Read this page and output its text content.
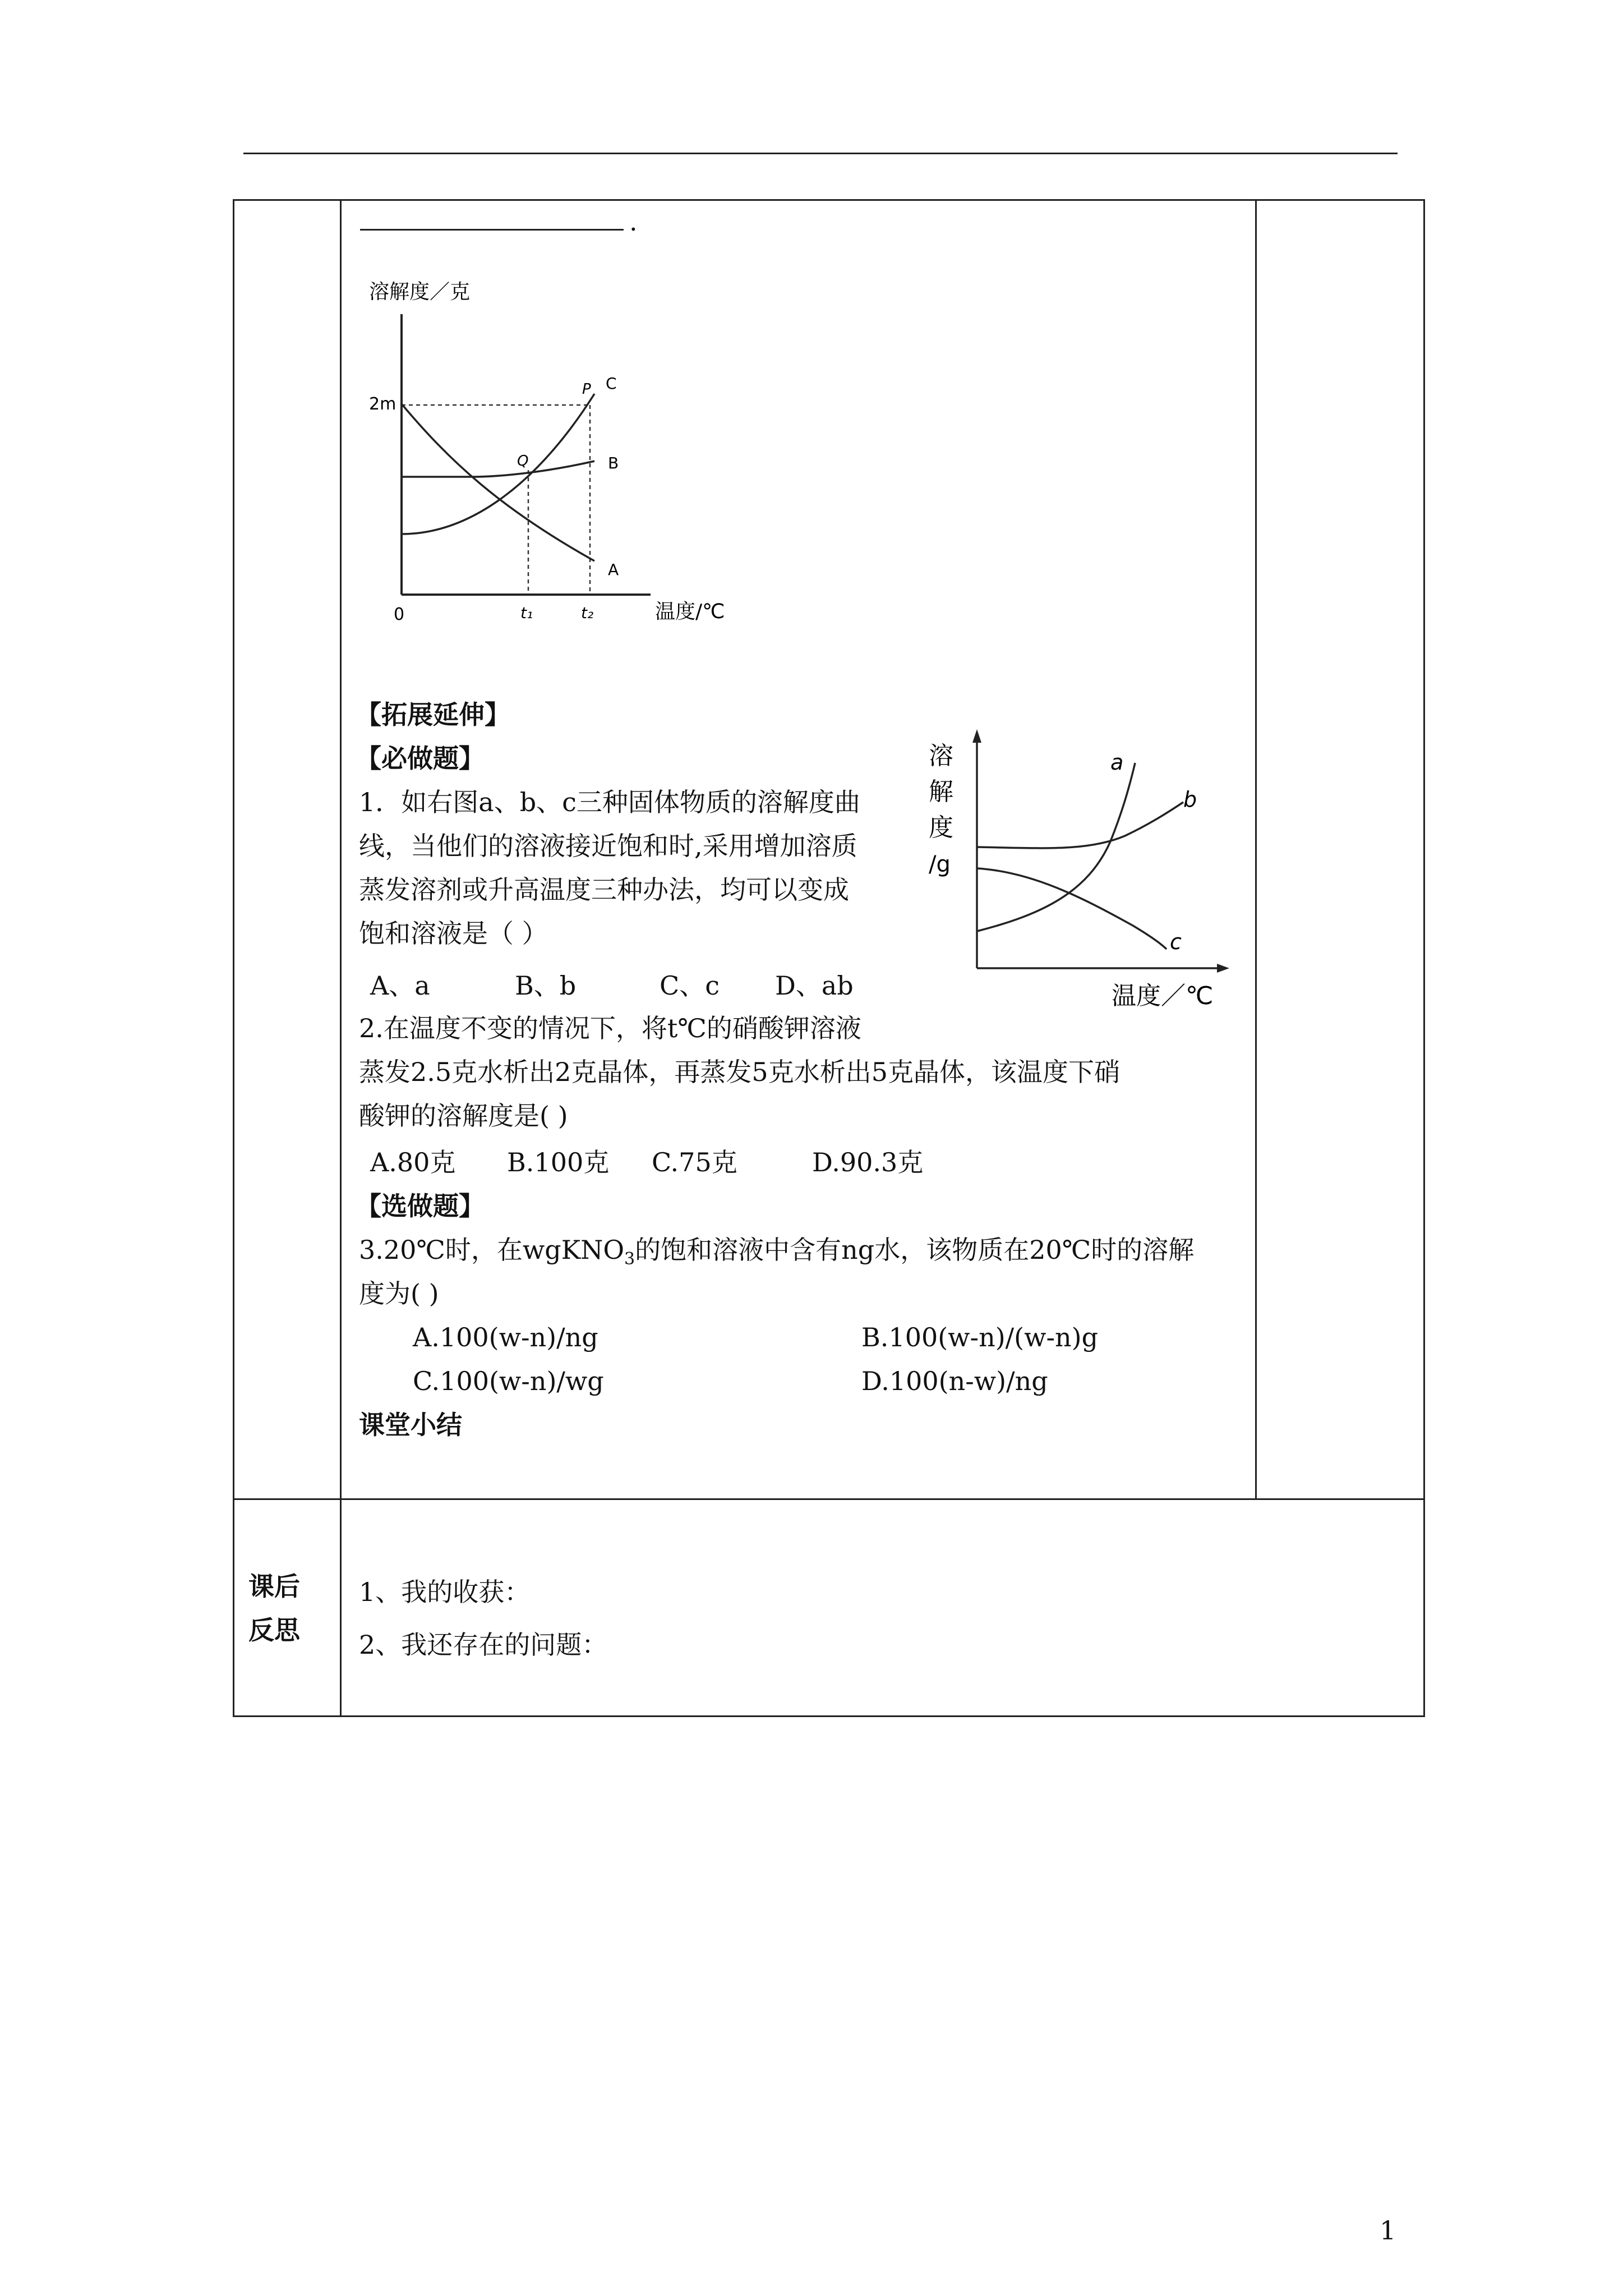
.
溶解度／克
0
2m
t₁	t₂	温度/℃
P
Q
A
B
C
【拓展延伸】
【必做题】
1．如右图a、b、c三种固体物质的溶解度曲
线，当他们的溶液接近饱和时,采用增加溶质
蒸发溶剂或升高温度三种办法，均可以变成
饱和溶液是（ ）
A、a	B、b	C、c D、ab
溶
解
度
/g
a
b
c
温度／℃
2.在温度不变的情况下，将t℃的硝酸钾溶液
蒸发2.5克水析出2克晶体，再蒸发5克水析出5克晶体，该温度下硝
酸钾的溶解度是( )
A.80克 B.100克 C.75克	D.90.3克
【选做题】
3.20℃时，在wgKNO$_3$的饱和溶液中含有ng水，该物质在20℃时的溶解
度为( )
A.100(w-n)/ng	B.100(w-n)/(w-n)g
C.100(w-n)/wg	D.100(n-w)/ng
课堂小结
课后
反思
1、我的收获：
2、我还存在的问题：
1
